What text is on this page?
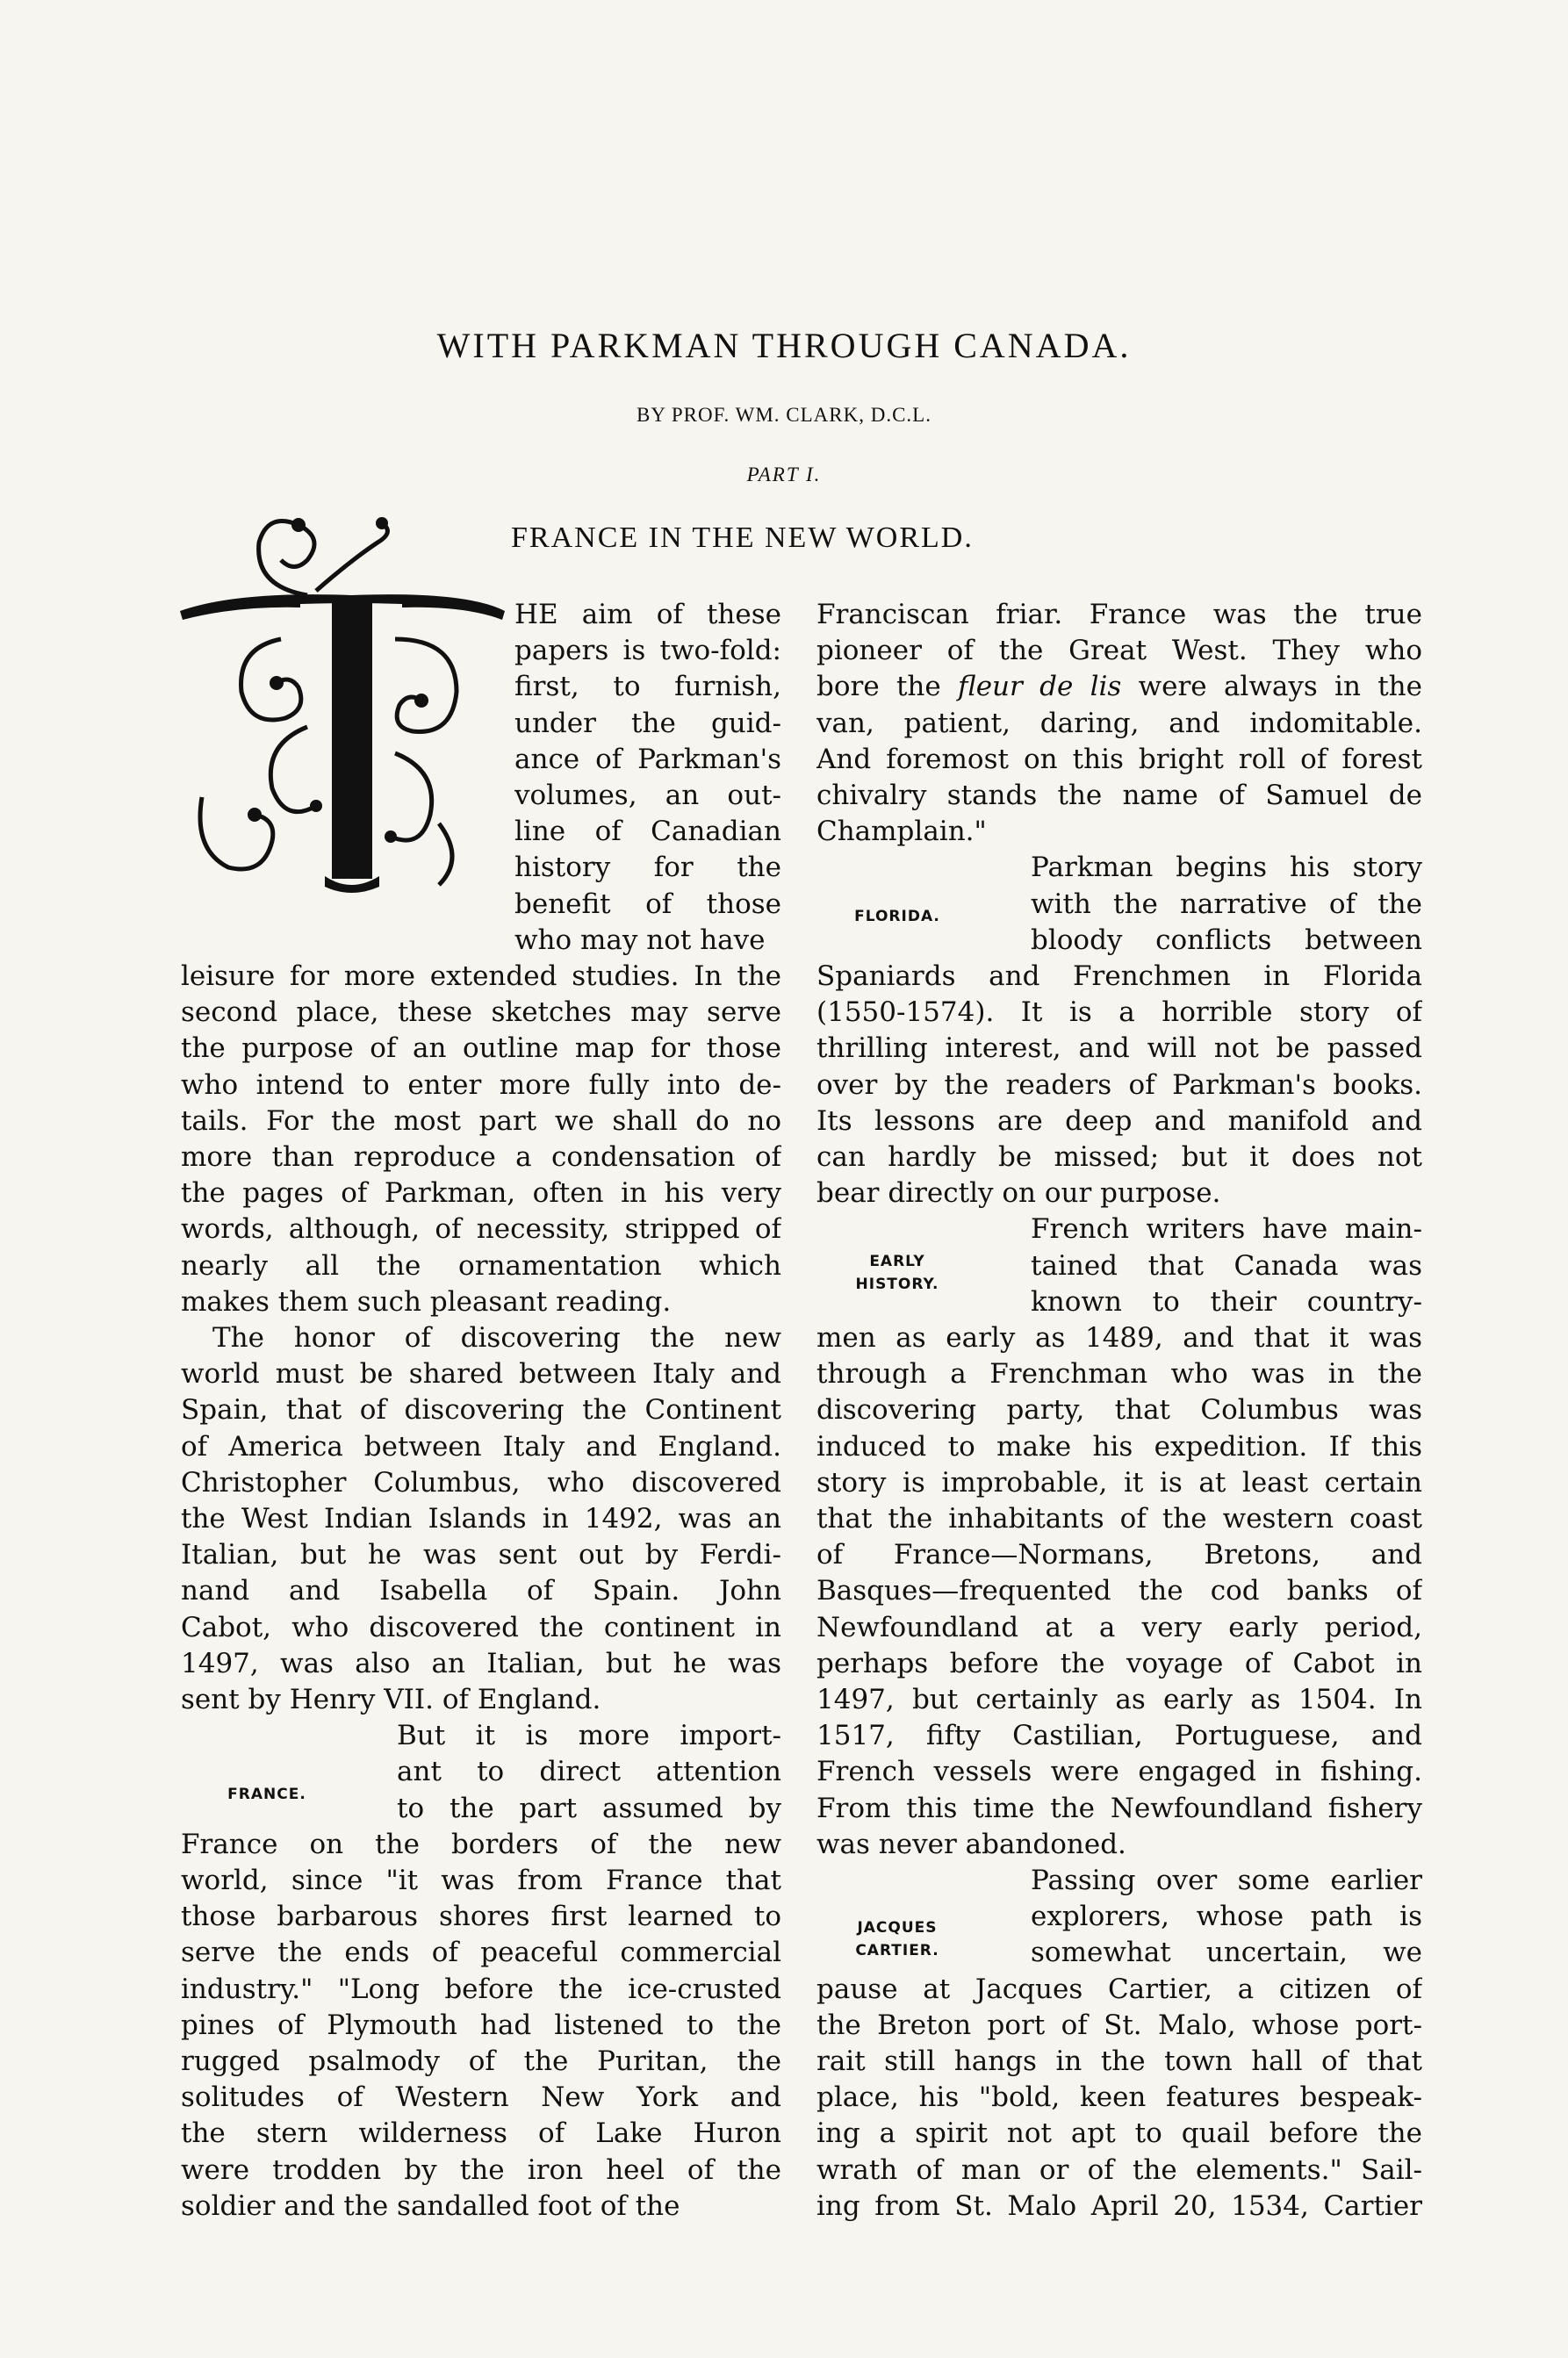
WITH PARKMAN THROUGH CANADA.
BY PROF. WM. CLARK, D.C.L.
PART I.
FRANCE IN THE NEW WORLD.
HE aim of these
papers is two-fold:
first, to furnish,
under the guid-
ance of Parkman's
volumes, an out-
line of Canadian
history for the
benefit of those
who may not have
leisure for more extended studies. In the
second place, these sketches may serve
the purpose of an outline map for those
who intend to enter more fully into de-
tails. For the most part we shall do no
more than reproduce a condensation of
the pages of Parkman, often in his very
words, although, of necessity, stripped of
nearly all the ornamentation which
makes them such pleasant reading.
The honor of discovering the new
world must be shared between Italy and
Spain, that of discovering the Continent
of America between Italy and England.
Christopher Columbus, who discovered
the West Indian Islands in 1492, was an
Italian, but he was sent out by Ferdi-
nand and Isabella of Spain. John
Cabot, who discovered the continent in
1497, was also an Italian, but he was
sent by Henry VII. of England.
But it is more import-
ant to direct attention
to the part assumed by
France on the borders of the new
world, since "it was from France that
those barbarous shores first learned to
serve the ends of peaceful commercial
industry." "Long before the ice-crusted
pines of Plymouth had listened to the
rugged psalmody of the Puritan, the
solitudes of Western New York and
the stern wilderness of Lake Huron
were trodden by the iron heel of the
soldier and the sandalled foot of the
Franciscan friar. France was the true
pioneer of the Great West. They who
bore the fleur de lis were always in the
van, patient, daring, and indomitable.
And foremost on this bright roll of forest
chivalry stands the name of Samuel de
Champlain."
Parkman begins his story
with the narrative of the
bloody conflicts between
Spaniards and Frenchmen in Florida
(1550-1574). It is a horrible story of
thrilling interest, and will not be passed
over by the readers of Parkman's books.
Its lessons are deep and manifold and
can hardly be missed; but it does not
bear directly on our purpose.
French writers have main-
tained that Canada was
known to their country-
men as early as 1489, and that it was
through a Frenchman who was in the
discovering party, that Columbus was
induced to make his expedition. If this
story is improbable, it is at least certain
that the inhabitants of the western coast
of France—Normans, Bretons, and
Basques—frequented the cod banks of
Newfoundland at a very early period,
perhaps before the voyage of Cabot in
1497, but certainly as early as 1504. In
1517, fifty Castilian, Portuguese, and
French vessels were engaged in fishing.
From this time the Newfoundland fishery
was never abandoned.
Passing over some earlier
explorers, whose path is
somewhat uncertain, we
pause at Jacques Cartier, a citizen of
the Breton port of St. Malo, whose port-
rait still hangs in the town hall of that
place, his "bold, keen features bespeak-
ing a spirit not apt to quail before the
wrath of man or of the elements." Sail-
ing from St. Malo April 20, 1534, Cartier
FRANCE.
FLORIDA.
EARLY
HISTORY.
JACQUES
CARTIER.
